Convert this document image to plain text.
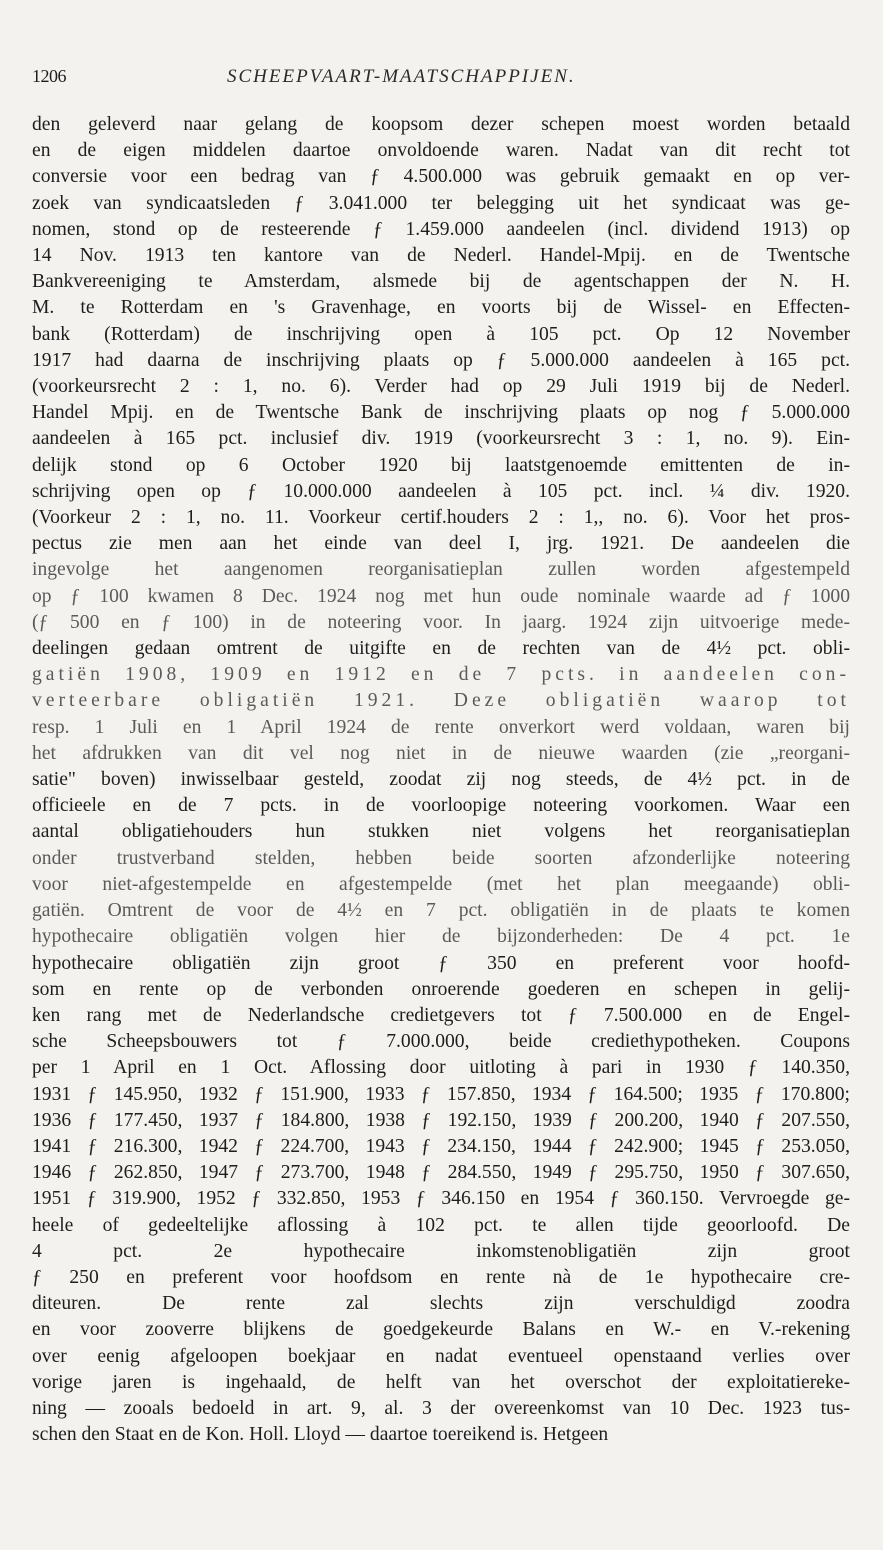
1206	SCHEEPVAART-MAATSCHAPPIJEN.
den geleverd naar gelang de koopsom dezer schepen moest worden betaald
en de eigen middelen daartoe onvoldoende waren. Nadat van dit recht tot
conversie voor een bedrag van ƒ 4.500.000 was gebruik gemaakt en op ver-
zoek van syndicaatsleden ƒ 3.041.000 ter belegging uit het syndicaat was ge-
nomen, stond op de resteerende ƒ 1.459.000 aandeelen (incl. dividend 1913) op
14 Nov. 1913 ten kantore van de Nederl. Handel-Mpij. en de Twentsche
Bankvereeniging te Amsterdam, alsmede bij de agentschappen der N. H.
M. te Rotterdam en 's Gravenhage, en voorts bij de Wissel- en Effecten-
bank (Rotterdam) de inschrijving open à 105 pct. Op 12 November
1917 had daarna de inschrijving plaats op ƒ 5.000.000 aandeelen à 165 pct.
(voorkeursrecht 2 : 1, no. 6). Verder had op 29 Juli 1919 bij de Nederl.
Handel Mpij. en de Twentsche Bank de inschrijving plaats op nog ƒ 5.000.000
aandeelen à 165 pct. inclusief div. 1919 (voorkeursrecht 3 : 1, no. 9). Ein-
delijk stond op 6 October 1920 bij laatstgenoemde emittenten de in-
schrijving open op ƒ 10.000.000 aandeelen à 105 pct. incl. ¼ div. 1920.
(Voorkeur 2 : 1, no. 11. Voorkeur certif.houders 2 : 1,, no. 6). Voor het pros-
pectus zie men aan het einde van deel I, jrg. 1921. De aandeelen die
ingevolge het aangenomen reorganisatieplan zullen worden afgestempeld
op ƒ 100 kwamen 8 Dec. 1924 nog met hun oude nominale waarde ad ƒ 1000
(ƒ 500 en ƒ 100) in de noteering voor. In jaarg. 1924 zijn uitvoerige mede-
deelingen gedaan omtrent de uitgifte en de rechten van de 4½ pct. obli-
gatiën 1908, 1909 en 1912 en de 7 pcts. in aandeelen con-
verteerbare obligatiën 1921. Deze obligatiën waarop tot
resp. 1 Juli en 1 April 1924 de rente onverkort werd voldaan, waren bij
het afdrukken van dit vel nog niet in de nieuwe waarden (zie „reorgani-
satie" boven) inwisselbaar gesteld, zoodat zij nog steeds, de 4½ pct. in de
officieele en de 7 pcts. in de voorloopige noteering voorkomen. Waar een
aantal obligatiehouders hun stukken niet volgens het reorganisatieplan
onder trustverband stelden, hebben beide soorten afzonderlijke noteering
voor niet-afgestempelde en afgestempelde (met het plan meegaande) obli-
gatiën. Omtrent de voor de 4½ en 7 pct. obligatiën in de plaats te komen
hypothecaire obligatiën volgen hier de bijzonderheden: De 4 pct. 1e
hypothecaire obligatiën zijn groot ƒ 350 en preferent voor hoofd-
som en rente op de verbonden onroerende goederen en schepen in gelij-
ken rang met de Nederlandsche credietgevers tot ƒ 7.500.000 en de Engel-
sche Scheepsbouwers tot ƒ 7.000.000, beide crediethypotheken. Coupons
per 1 April en 1 Oct. Aflossing door uitloting à pari in 1930 ƒ 140.350,
1931 ƒ 145.950, 1932 ƒ 151.900, 1933 ƒ 157.850, 1934 ƒ 164.500; 1935 ƒ 170.800;
1936 ƒ 177.450, 1937 ƒ 184.800, 1938 ƒ 192.150, 1939 ƒ 200.200, 1940 ƒ 207.550,
1941 ƒ 216.300, 1942 ƒ 224.700, 1943 ƒ 234.150, 1944 ƒ 242.900; 1945 ƒ 253.050,
1946 ƒ 262.850, 1947 ƒ 273.700, 1948 ƒ 284.550, 1949 ƒ 295.750, 1950 ƒ 307.650,
1951 ƒ 319.900, 1952 ƒ 332.850, 1953 ƒ 346.150 en 1954 ƒ 360.150. Vervroegde ge-
heele of gedeeltelijke aflossing à 102 pct. te allen tijde geoorloofd. De
4 pct. 2e hypothecaire inkomstenobligatiën zijn groot
ƒ 250 en preferent voor hoofdsom en rente nà de 1e hypothecaire cre-
diteuren. De rente zal slechts zijn verschuldigd zoodra
en voor zooverre blijkens de goedgekeurde Balans en W.- en V.-rekening
over eenig afgeloopen boekjaar en nadat eventueel openstaand verlies over
vorige jaren is ingehaald, de helft van het overschot der exploitatiereke-
ning — zooals bedoeld in art. 9, al. 3 der overeenkomst van 10 Dec. 1923 tus-
schen den Staat en de Kon. Holl. Lloyd — daartoe toereikend is. Hetgeen
